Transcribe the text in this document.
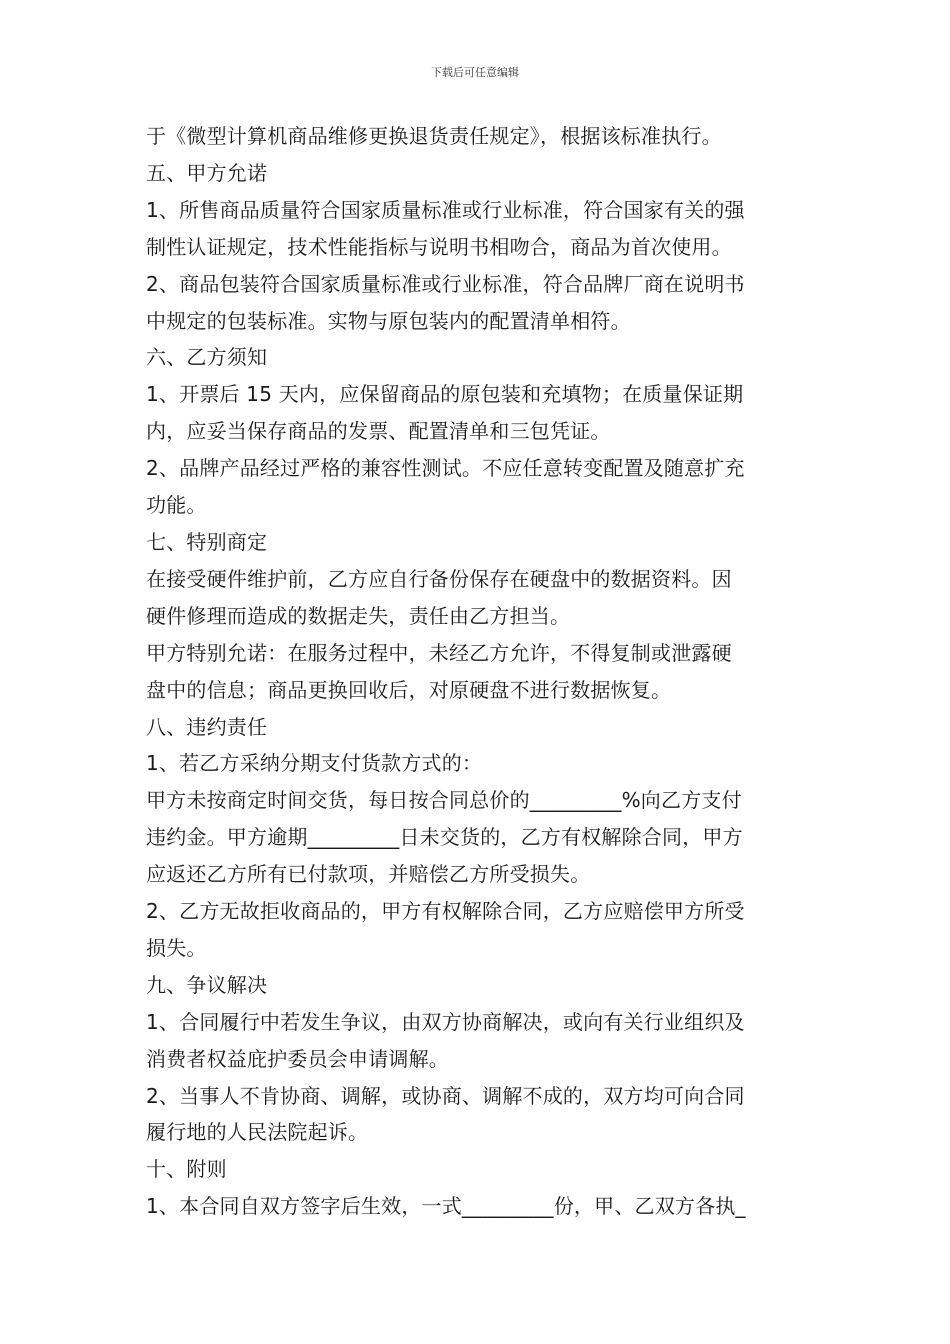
下载后可任意编辑
于《微型计算机商品维修更换退货责任规定》，根据该标准执行。
五、甲方允诺
1、所售商品质量符合国家质量标准或行业标准，符合国家有关的强
制性认证规定，技术性能指标与说明书相吻合，商品为首次使用。
2、商品包装符合国家质量标准或行业标准，符合品牌厂商在说明书
中规定的包装标准。实物与原包装内的配置清单相符。
六、乙方须知
1、开票后 15 天内，应保留商品的原包装和充填物；在质量保证期
内，应妥当保存商品的发票、配置清单和三包凭证。
2、品牌产品经过严格的兼容性测试。不应任意转变配置及随意扩充
功能。
七、特别商定
在接受硬件维护前，乙方应自行备份保存在硬盘中的数据资料。因
硬件修理而造成的数据走失，责任由乙方担当。
甲方特别允诺：在服务过程中，未经乙方允许，不得复制或泄露硬
盘中的信息；商品更换回收后，对原硬盘不进行数据恢复。
八、违约责任
1、若乙方采纳分期支付货款方式的：
甲方未按商定时间交货，每日按合同总价的_________%向乙方支付
违约金。甲方逾期_________日未交货的，乙方有权解除合同，甲方
应返还乙方所有已付款项，并赔偿乙方所受损失。
2、乙方无故拒收商品的，甲方有权解除合同，乙方应赔偿甲方所受
损失。
九、争议解决
1、合同履行中若发生争议，由双方协商解决，或向有关行业组织及
消费者权益庇护委员会申请调解。
2、当事人不肯协商、调解，或协商、调解不成的，双方均可向合同
履行地的人民法院起诉。
十、附则
1、本合同自双方签字后生效，一式_________份，甲、乙双方各执_
